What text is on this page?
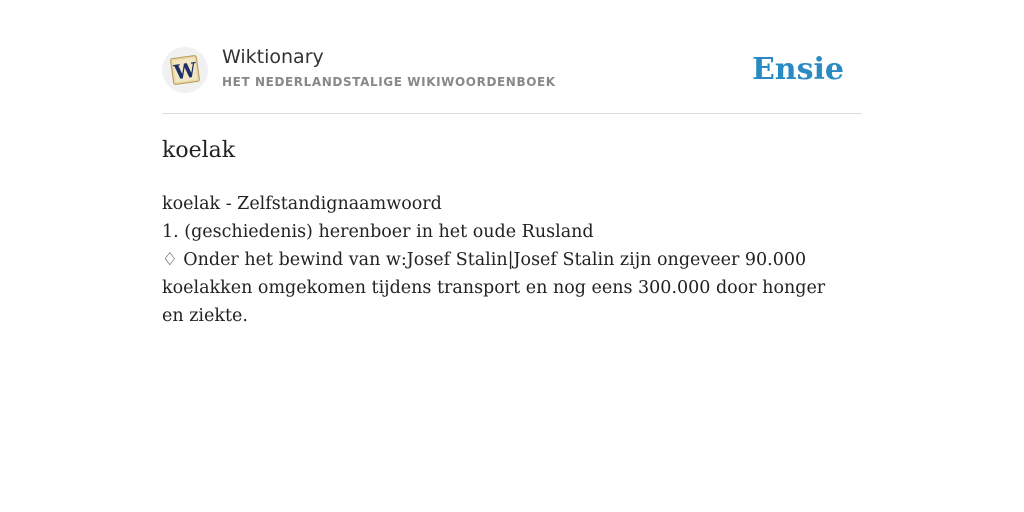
W
Wiktionary
HET NEDERLANDSTALIGE WIKIWOORDENBOEK	Ensie
koelak

koelak - Zelfstandignaamwoord

1. (geschiedenis) herenboer in het oude Rusland

♢ Onder het bewind van w:Josef Stalin|Josef Stalin zijn ongeveer 90.000 koelakken omgekomen tijdens transport en nog eens 300.000 door honger en ziekte.
